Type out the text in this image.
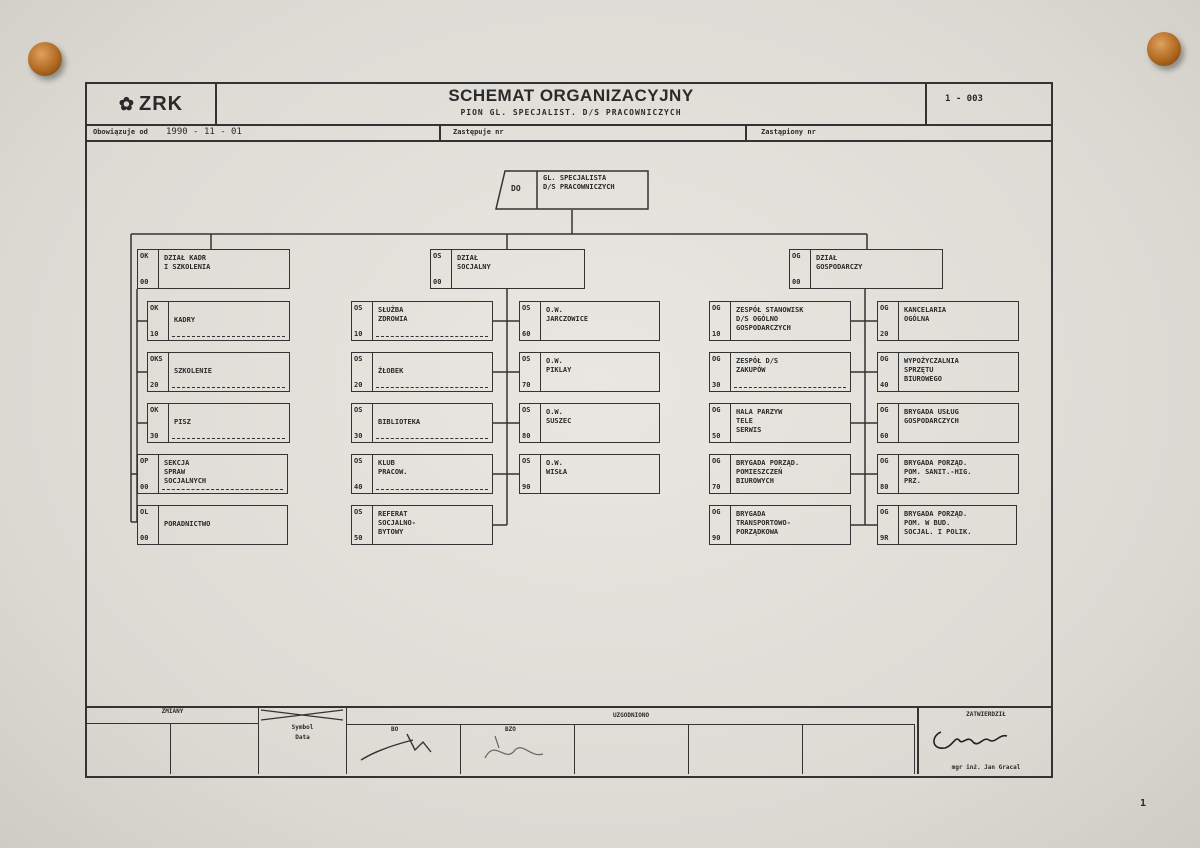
✿ ZRK	SCHEMAT ORGANIZACYJNY
PION GL. SPECJALIST. D/S PRACOWNICZYCH
1 - 003
Obowiązuje od 1990 - 11 - 01	Zastępuje nr	Zastąpiony nr
DO
GL. SPECJALISTA
D/S PRACOWNICZYCH
OK
00
DZIAŁ KADR
I SZKOLENIA
OK
10
KADRY
OKS
20
SZKOLENIE
OK
30
PISZ
OP
00
SEKCJA
SPRAW
SOCJALNYCH
OL
00
PORADNICTWO
OS
00
DZIAŁ
SOCJALNY
OS
10
SŁUŻBA
ZDROWIA
OS
20
ŻŁOBEK
OS
30
BIBLIOTEKA
OS
40
KLUB
PRACOW.
OS
50
REFERAT
SOCJALNO-
BYTOWY
OS
60
O.W.
JARCZOWICE
OS
70
O.W.
PIKLAY
OS
80
O.W.
SUSZEC
OS
90
O.W.
WISŁA
OG
00
DZIAŁ
GOSPODARCZY
OG
10
ZESPÓŁ STANOWISK
D/S OGÓLNO
GOSPODARCZYCH
OG
30
ZESPÓŁ D/S
ZAKUPÓW
OG
50
HALA PARZYW
TELE
SERWIS
OG
70
BRYGADA PORZĄD.
POMIESZCZEŃ
BIUROWYCH
OG
90
BRYGADA
TRANSPORTOWO-
PORZĄDKOWA
OG
20
KANCELARIA
OGÓLNA
OG
40
WYPOŻYCZALNIA
SPRZĘTU
BIUROWEGO
OG
60
BRYGADA USŁUG
GOSPODARCZYCH
OG
80
BRYGADA PORZĄD.
POM. SANIT.-HIG.
PRZ.
OG
9R
BRYGADA PORZĄD.
POM. W BUD.
SOCJAL. I POLIK.
ZMIANY
Symbol
Data
UZGODNIONO
BO	BZO
ZATWIERDZIŁ
mgr inż. Jan Gracal
1
